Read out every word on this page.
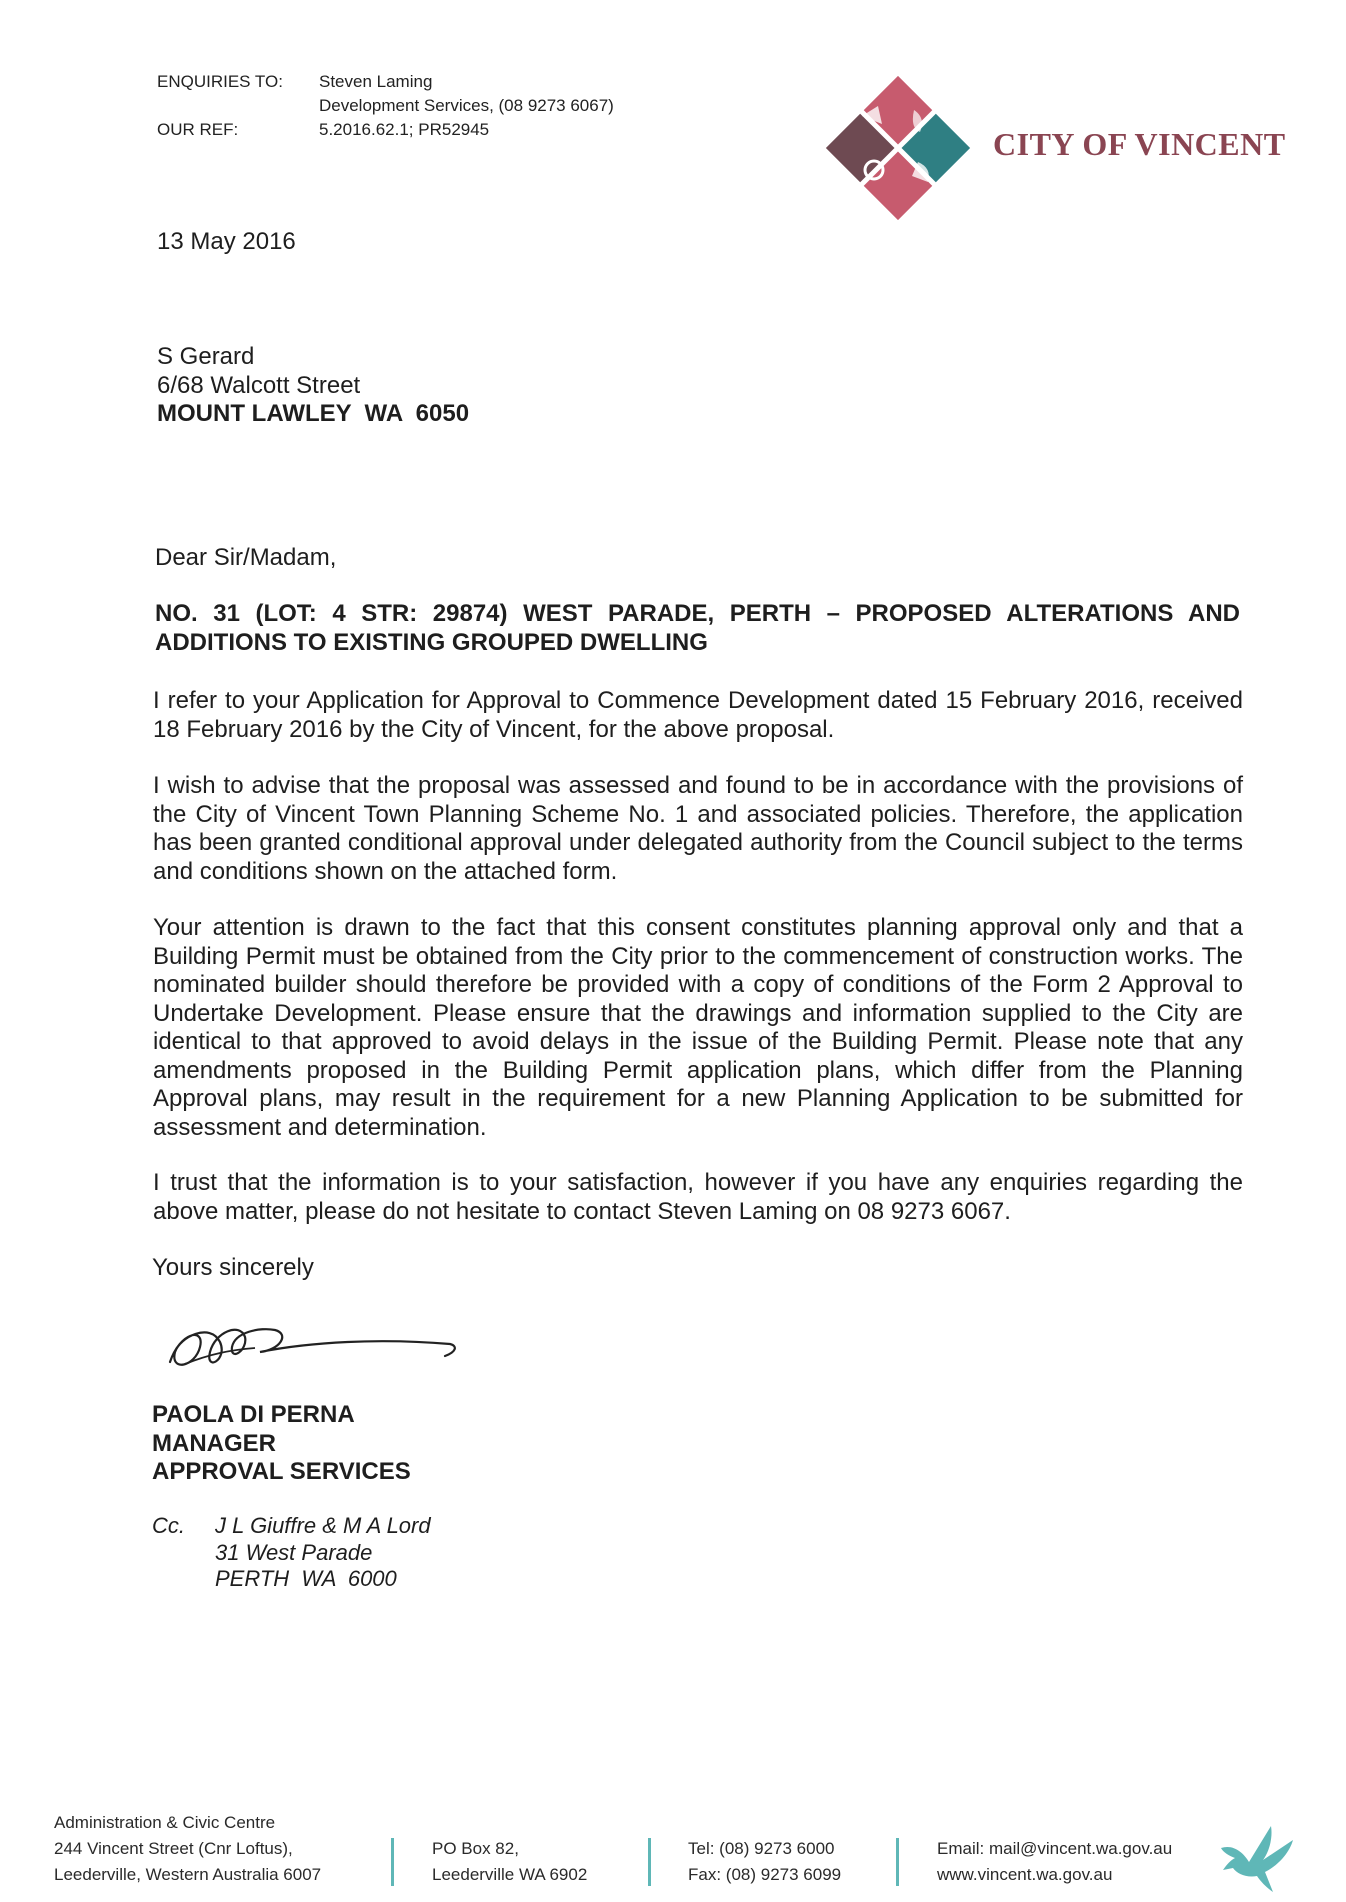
ENQUIRIES TO: Steven Laming
Development Services, (08 9273 6067)
OUR REF:	5.2016.62.1; PR52945	CITY OF VINCENT
13 May 2016
S Gerard
6/68 Walcott Street
MOUNT LAWLEY  WA  6050
Dear Sir/Madam,
NO. 31 (LOT: 4 STR: 29874) WEST PARADE, PERTH – PROPOSED ALTERATIONS AND ADDITIONS TO EXISTING GROUPED DWELLING
I refer to your Application for Approval to Commence Development dated 15 February 2016, received 18 February 2016 by the City of Vincent, for the above proposal.
I wish to advise that the proposal was assessed and found to be in accordance with the provisions of the City of Vincent Town Planning Scheme No. 1 and associated policies. Therefore, the application has been granted conditional approval under delegated authority from the Council subject to the terms and conditions shown on the attached form.
Your attention is drawn to the fact that this consent constitutes planning approval only and that a Building Permit must be obtained from the City prior to the commencement of construction works. The nominated builder should therefore be provided with a copy of conditions of the Form 2 Approval to Undertake Development. Please ensure that the drawings and information supplied to the City are identical to that approved to avoid delays in the issue of the Building Permit. Please note that any amendments proposed in the Building Permit application plans, which differ from the Planning Approval plans, may result in the requirement for a new Planning Application to be submitted for assessment and determination.
I trust that the information is to your satisfaction, however if you have any enquiries regarding the above matter, please do not hesitate to contact Steven Laming on 08 9273 6067.
Yours sincerely
PAOLA DI PERNA
MANAGER
APPROVAL SERVICES
Cc. J L Giuffre & M A Lord
31 West Parade
PERTH  WA  6000
Administration & Civic Centre
244 Vincent Street (Cnr Loftus),
Leederville, Western Australia 6007
PO Box 82,
Leederville WA 6902
Tel: (08) 9273 6000
Fax: (08) 9273 6099
Email: mail@vincent.wa.gov.au
www.vincent.wa.gov.au
